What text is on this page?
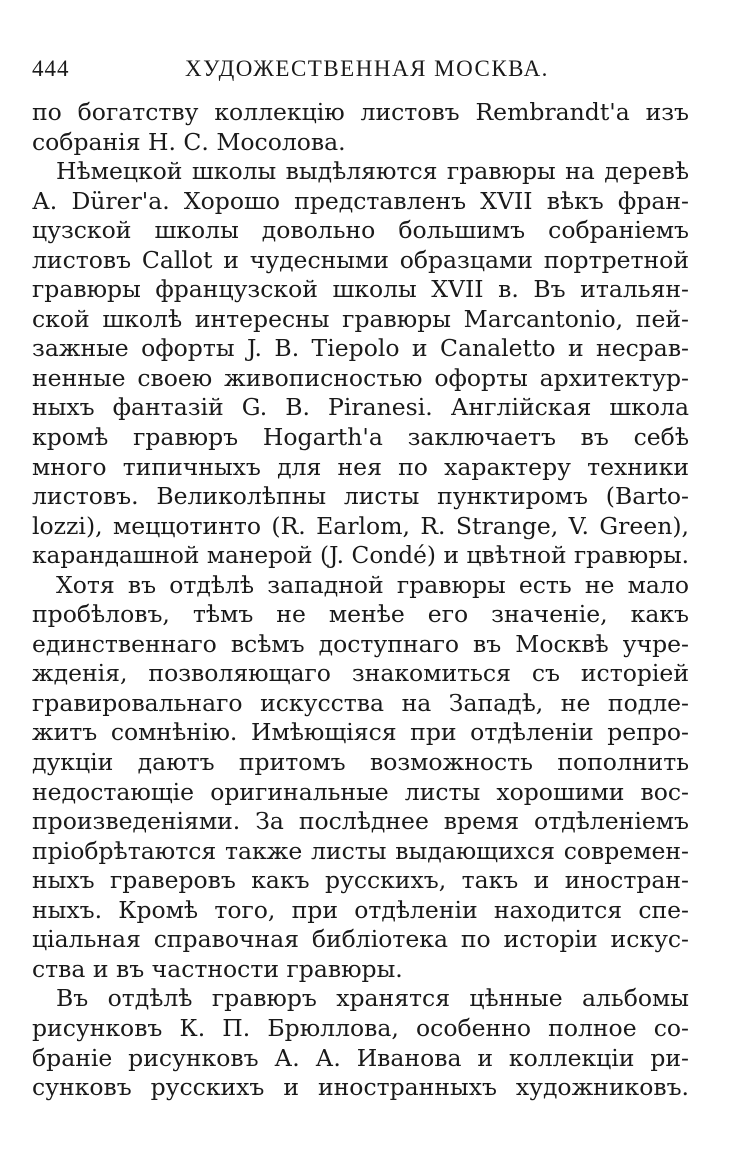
444	ХУДОЖЕСТВЕННАЯ МОСКВА.
по богатству коллекцію листовъ Rembrandt'а изъ
собранія Н. С. Мосолова.
Нѣмецкой школы выдѣляются гравюры на деревѣ
А. Dürer'а. Хорошо представленъ XVII вѣкъ фран-
цузской школы довольно большимъ собраніемъ
листовъ Callot и чудесными образцами портретной
гравюры французской школы XVII в. Въ итальян-
ской школѣ интересны гравюры Marcantonio, пей-
зажные офорты J. B. Tiepolo и Canaletto и несрав-
ненные своею живописностью офорты архитектур-
ныхъ фантазій G. B. Piranesi. Англійская школа
кромѣ гравюръ Hogarth'а заключаетъ въ себѣ
много типичныхъ для нея по характеру техники
листовъ. Великолѣпны листы пунктиромъ (Barto-
lozzi), меццотинто (R. Earlom, R. Strange, V. Green),
карандашной манерой (J. Condé) и цвѣтной гравюры.
Хотя въ отдѣлѣ западной гравюры есть не мало
пробѣловъ, тѣмъ не менѣе его значеніе, какъ
единственнаго всѣмъ доступнаго въ Москвѣ учре-
жденія, позволяющаго знакомиться съ исторіей
гравировальнаго искусства на Западѣ, не подле-
житъ сомнѣнію. Имѣющіяся при отдѣленіи репро-
дукціи даютъ притомъ возможность пополнить
недостающіе оригинальные листы хорошими вос-
произведеніями. За послѣднее время отдѣленіемъ
пріобрѣтаются также листы выдающихся современ-
ныхъ граверовъ какъ русскихъ, такъ и иностран-
ныхъ. Кромѣ того, при отдѣленіи находится спе-
ціальная справочная библіотека по исторіи искус-
ства и въ частности гравюры.
Въ отдѣлѣ гравюръ хранятся цѣнные альбомы
рисунковъ К. П. Брюллова, особенно полное со-
браніе рисунковъ А. А. Иванова и коллекціи ри-
сунковъ русскихъ и иностранныхъ художниковъ.
